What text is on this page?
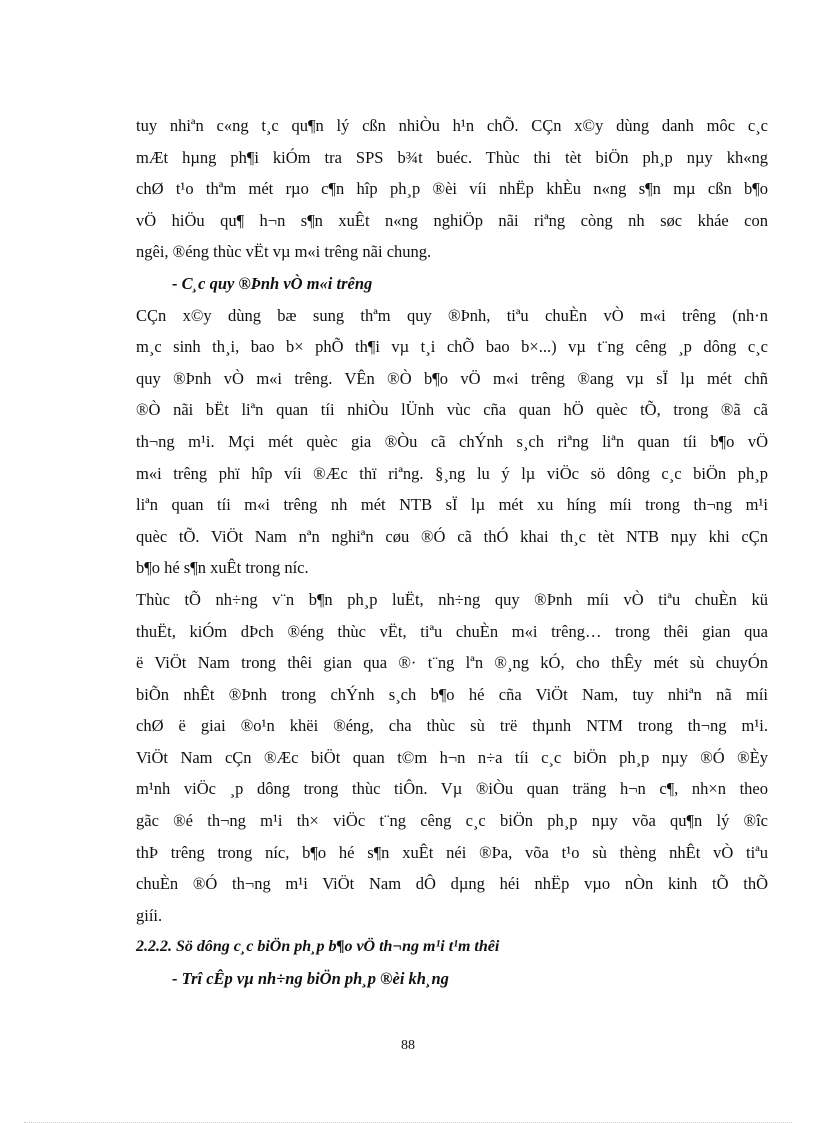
tuy nhiªn c«ng t¸c qu¶n lý cßn nhiÒu h¹n chÕ. CÇn x©y dùng danh môc c¸c
mÆt hµng ph¶i kiÓm tra SPS b¾t buéc. Thùc thi tèt biÖn ph¸p nµy kh«ng
chØ t¹o thªm mét rµo c¶n hîp ph¸p ®èi víi nhËp khÈu n«ng s¶n mµ cßn b¶o
vÖ hiÖu qu¶ h¬n s¶n xuÊt n«ng nghiÖp nãi riªng còng nh søc kháe con
ngêi, ®éng thùc vËt vµ m«i trêng nãi chung.
- C¸c quy ®Þnh vÒ m«i trêng
CÇn x©y dùng bæ sung thªm quy ®Þnh, tiªu chuÈn vÒ m«i trêng (nh·n
m¸c sinh th¸i, bao b× phÕ th¶i vµ t¸i chÕ bao b×...) vµ t¨ng cêng ¸p dông c¸c
quy ®Þnh vÒ m«i trêng. VÊn ®Ò b¶o vÖ m«i trêng ®ang vµ sÏ lµ mét chñ
®Ò nãi bËt liªn quan tíi nhiÒu lÜnh vùc cña quan hÖ quèc tÕ, trong ®ã cã
th¬ng m¹i. Mçi mét quèc gia ®Òu cã chÝnh s¸ch riªng liªn quan tíi b¶o vÖ
m«i trêng phï hîp víi ®Æc thï riªng. §¸ng lu ý lµ viÖc sö dông c¸c biÖn ph¸p
liªn quan tíi m«i trêng nh mét NTB sÏ lµ mét xu híng míi trong th¬ng m¹i
quèc tÕ. ViÖt Nam nªn nghiªn cøu ®Ó cã thÓ khai th¸c tèt NTB nµy khi cÇn
b¶o hé s¶n xuÊt trong níc.
Thùc tÕ nh÷ng v¨n b¶n ph¸p luËt, nh÷ng quy ®Þnh míi vÒ tiªu chuÈn kü
thuËt, kiÓm dÞch ®éng thùc vËt, tiªu chuÈn m«i trêng… trong thêi gian qua
ë ViÖt Nam trong thêi gian qua ®· t¨ng lªn ®¸ng kÓ, cho thÊy mét sù chuyÓn
biÕn nhÊt ®Þnh trong chÝnh s¸ch b¶o hé cña ViÖt Nam, tuy nhiªn nã míi
chØ ë giai ®o¹n khëi ®éng, cha thùc sù trë thµnh NTM trong th¬ng m¹i.
ViÖt Nam cÇn ®Æc biÖt quan t©m h¬n n÷a tíi c¸c biÖn ph¸p nµy ®Ó ®Èy
m¹nh viÖc ¸p dông trong thùc tiÔn. Vµ ®iÒu quan träng h¬n c¶, nh×n theo
gãc ®é th¬ng m¹i th× viÖc t¨ng cêng c¸c biÖn ph¸p nµy võa qu¶n lý ®îc
thÞ trêng trong níc, b¶o hé s¶n xuÊt néi ®Þa, võa t¹o sù thèng nhÊt vÒ tiªu
chuÈn ®Ó th¬ng m¹i ViÖt Nam dÔ dµng héi nhËp vµo nÒn kinh tÕ thÕ
giíi.
2.2.2. Sö dông c¸c biÖn ph¸p b¶o vÖ th¬ng m¹i t¹m thêi
- Trî cÊp vµ nh÷ng biÖn ph¸p ®èi kh¸ng
88
